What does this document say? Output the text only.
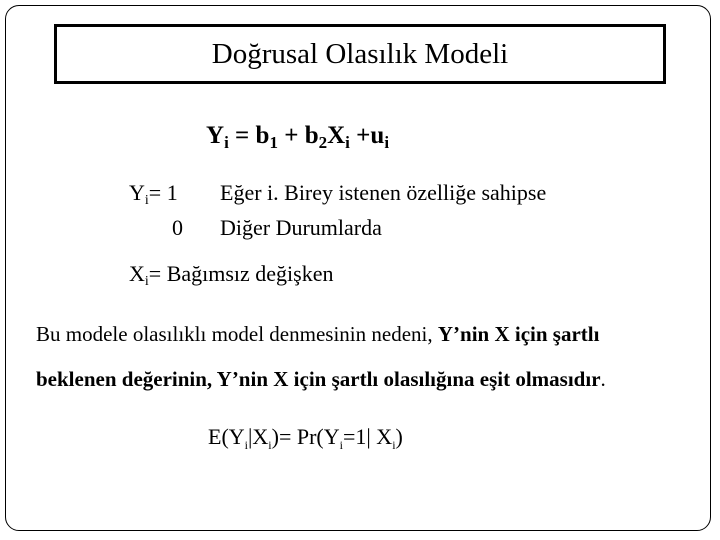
Doğrusal Olasılık Modeli
$Y_i = b_1 + b_2X_i +u_i$
$Y_i= 1$ Eğer i. Birey istenen özelliğe sahipse
0 Diğer Durumlarda
$X_i=$ Bağımsız değişken
Bu modele olasılıklı model denmesinin nedeni, Y’nin X için şartlı
beklenen değerinin, Y’nin X için şartlı olasılığına eşit olmasıdır.
$E(Y_i|X_i)= Pr(Y_i=1|$ $X_i$)
